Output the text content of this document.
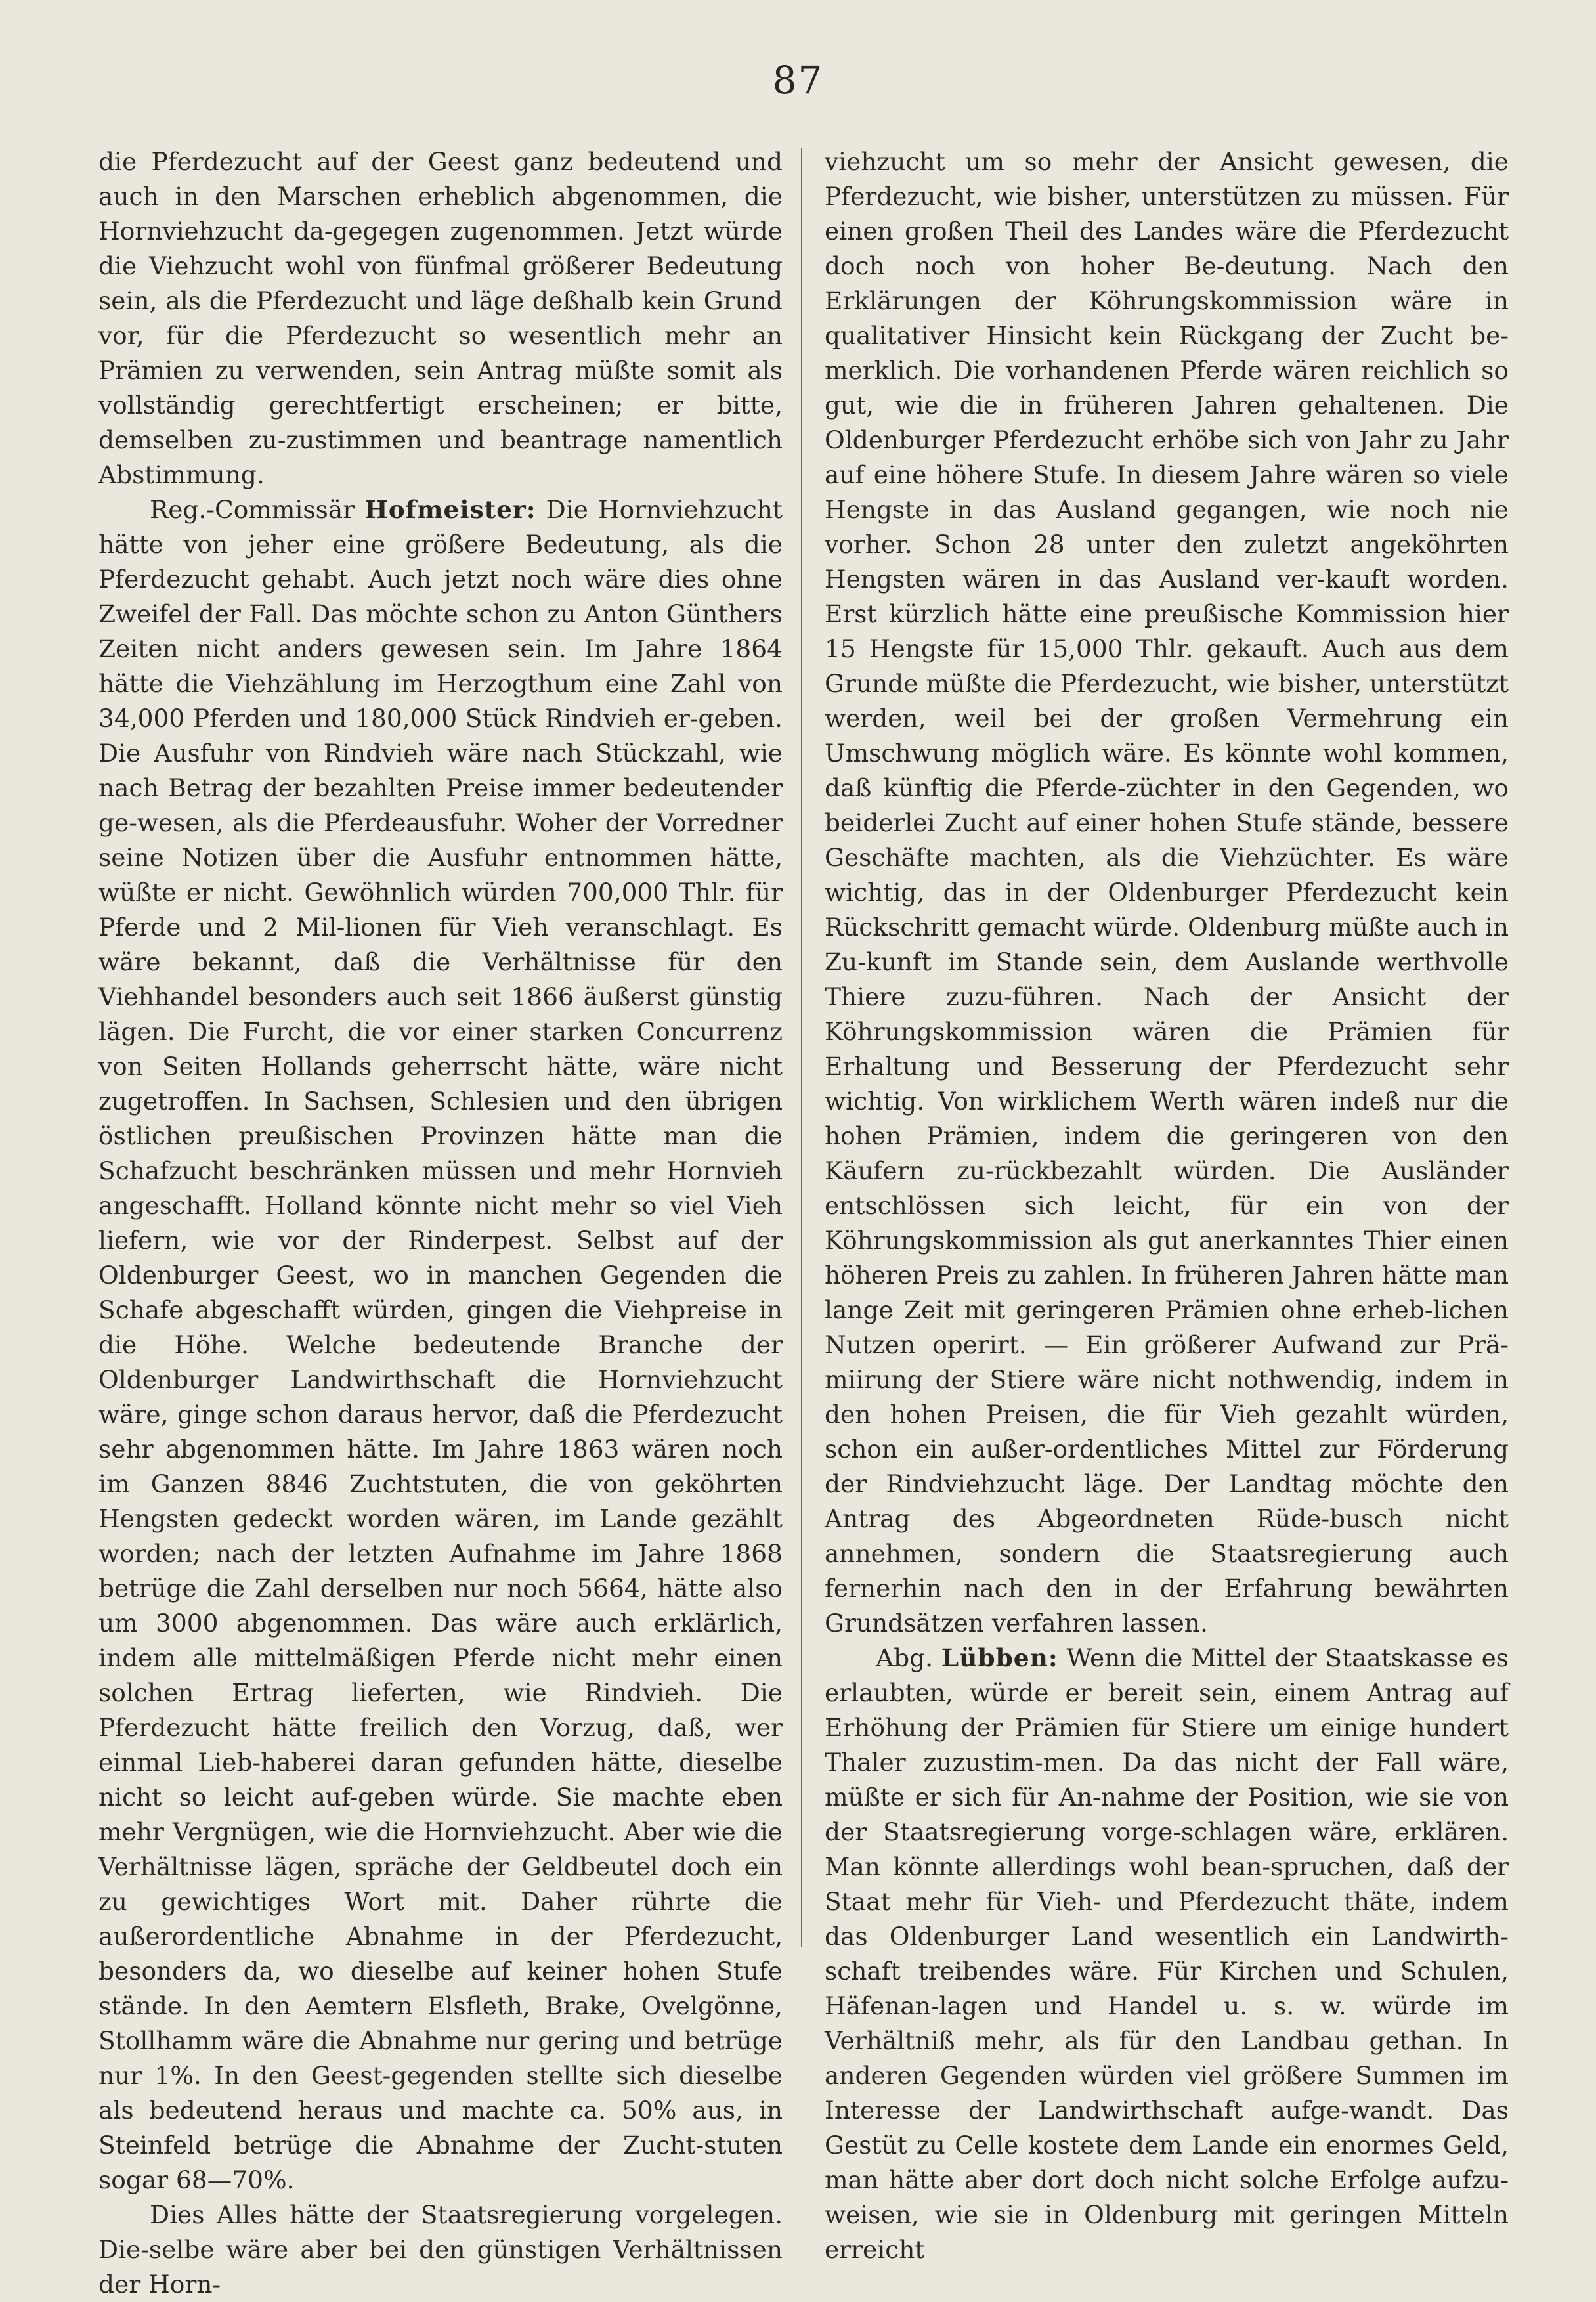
87

die Pferdezucht auf der Geest ganz bedeutend und auch in den Marschen erheblich abgenommen, die Hornviehzucht da-gegegen zugenommen. Jetzt würde die Viehzucht wohl von fünfmal größerer Bedeutung sein, als die Pferdezucht und läge deßhalb kein Grund vor, für die Pferdezucht so wesentlich mehr an Prämien zu verwenden, sein Antrag müßte somit als vollständig gerechtfertigt erscheinen; er bitte, demselben zu-zustimmen und beantrage namentlich Abstimmung.

Reg.-Commissär Hofmeister: Die Hornviehzucht hätte von jeher eine größere Bedeutung, als die Pferdezucht gehabt. Auch jetzt noch wäre dies ohne Zweifel der Fall. Das möchte schon zu Anton Günthers Zeiten nicht anders gewesen sein. Im Jahre 1864 hätte die Viehzählung im Herzogthum eine Zahl von 34,000 Pferden und 180,000 Stück Rindvieh er-geben. Die Ausfuhr von Rindvieh wäre nach Stückzahl, wie nach Betrag der bezahlten Preise immer bedeutender ge-wesen, als die Pferdeausfuhr. Woher der Vorredner seine Notizen über die Ausfuhr entnommen hätte, wüßte er nicht. Gewöhnlich würden 700,000 Thlr. für Pferde und 2 Mil-lionen für Vieh veranschlagt. Es wäre bekannt, daß die Verhältnisse für den Viehhandel besonders auch seit 1866 äußerst günstig lägen. Die Furcht, die vor einer starken Concurrenz von Seiten Hollands geherrscht hätte, wäre nicht zugetroffen. In Sachsen, Schlesien und den übrigen östlichen preußischen Provinzen hätte man die Schafzucht beschränken müssen und mehr Hornvieh angeschafft. Holland könnte nicht mehr so viel Vieh liefern, wie vor der Rinderpest. Selbst auf der Oldenburger Geest, wo in manchen Gegenden die Schafe abgeschafft würden, gingen die Viehpreise in die Höhe. Welche bedeutende Branche der Oldenburger Landwirthschaft die Hornviehzucht wäre, ginge schon daraus hervor, daß die Pferdezucht sehr abgenommen hätte. Im Jahre 1863 wären noch im Ganzen 8846 Zuchtstuten, die von geköhrten Hengsten gedeckt worden wären, im Lande gezählt worden; nach der letzten Aufnahme im Jahre 1868 betrüge die Zahl derselben nur noch 5664, hätte also um 3000 abgenommen. Das wäre auch erklärlich, indem alle mittelmäßigen Pferde nicht mehr einen solchen Ertrag lieferten, wie Rindvieh. Die Pferdezucht hätte freilich den Vorzug, daß, wer einmal Lieb-haberei daran gefunden hätte, dieselbe nicht so leicht auf-geben würde. Sie machte eben mehr Vergnügen, wie die Hornviehzucht. Aber wie die Verhältnisse lägen, spräche der Geldbeutel doch ein zu gewichtiges Wort mit. Daher rührte die außerordentliche Abnahme in der Pferdezucht, besonders da, wo dieselbe auf keiner hohen Stufe stände. In den Aemtern Elsfleth, Brake, Ovelgönne, Stollhamm wäre die Abnahme nur gering und betrüge nur 1%. In den Geest-gegenden stellte sich dieselbe als bedeutend heraus und machte ca. 50% aus, in Steinfeld betrüge die Abnahme der Zucht-stuten sogar 68—70%.

Dies Alles hätte der Staatsregierung vorgelegen. Die-selbe wäre aber bei den günstigen Verhältnissen der Horn-

viehzucht um so mehr der Ansicht gewesen, die Pferdezucht, wie bisher, unterstützen zu müssen. Für einen großen Theil des Landes wäre die Pferdezucht doch noch von hoher Be-deutung. Nach den Erklärungen der Köhrungskommission wäre in qualitativer Hinsicht kein Rückgang der Zucht be-merklich. Die vorhandenen Pferde wären reichlich so gut, wie die in früheren Jahren gehaltenen. Die Oldenburger Pferdezucht erhöbe sich von Jahr zu Jahr auf eine höhere Stufe. In diesem Jahre wären so viele Hengste in das Ausland gegangen, wie noch nie vorher. Schon 28 unter den zuletzt angeköhrten Hengsten wären in das Ausland ver-kauft worden. Erst kürzlich hätte eine preußische Kommission hier 15 Hengste für 15,000 Thlr. gekauft. Auch aus dem Grunde müßte die Pferdezucht, wie bisher, unterstützt werden, weil bei der großen Vermehrung ein Umschwung möglich wäre. Es könnte wohl kommen, daß künftig die Pferde-züchter in den Gegenden, wo beiderlei Zucht auf einer hohen Stufe stände, bessere Geschäfte machten, als die Viehzüchter. Es wäre wichtig, das in der Oldenburger Pferdezucht kein Rückschritt gemacht würde. Oldenburg müßte auch in Zu-kunft im Stande sein, dem Auslande werthvolle Thiere zuzu-führen. Nach der Ansicht der Köhrungskommission wären die Prämien für Erhaltung und Besserung der Pferdezucht sehr wichtig. Von wirklichem Werth wären indeß nur die hohen Prämien, indem die geringeren von den Käufern zu-rückbezahlt würden. Die Ausländer entschlössen sich leicht, für ein von der Köhrungskommission als gut anerkanntes Thier einen höheren Preis zu zahlen. In früheren Jahren hätte man lange Zeit mit geringeren Prämien ohne erheb-lichen Nutzen operirt. — Ein größerer Aufwand zur Prä-miirung der Stiere wäre nicht nothwendig, indem in den hohen Preisen, die für Vieh gezahlt würden, schon ein außer-ordentliches Mittel zur Förderung der Rindviehzucht läge. Der Landtag möchte den Antrag des Abgeordneten Rüde-busch nicht annehmen, sondern die Staatsregierung auch fernerhin nach den in der Erfahrung bewährten Grundsätzen verfahren lassen.

Abg. Lübben: Wenn die Mittel der Staatskasse es erlaubten, würde er bereit sein, einem Antrag auf Erhöhung der Prämien für Stiere um einige hundert Thaler zuzustim-men. Da das nicht der Fall wäre, müßte er sich für An-nahme der Position, wie sie von der Staatsregierung vorge-schlagen wäre, erklären. Man könnte allerdings wohl bean-spruchen, daß der Staat mehr für Vieh- und Pferdezucht thäte, indem das Oldenburger Land wesentlich ein Landwirth-schaft treibendes wäre. Für Kirchen und Schulen, Häfenan-lagen und Handel u. s. w. würde im Verhältniß mehr, als für den Landbau gethan. In anderen Gegenden würden viel größere Summen im Interesse der Landwirthschaft aufge-wandt. Das Gestüt zu Celle kostete dem Lande ein enormes Geld, man hätte aber dort doch nicht solche Erfolge aufzu-weisen, wie sie in Oldenburg mit geringen Mitteln erreicht
